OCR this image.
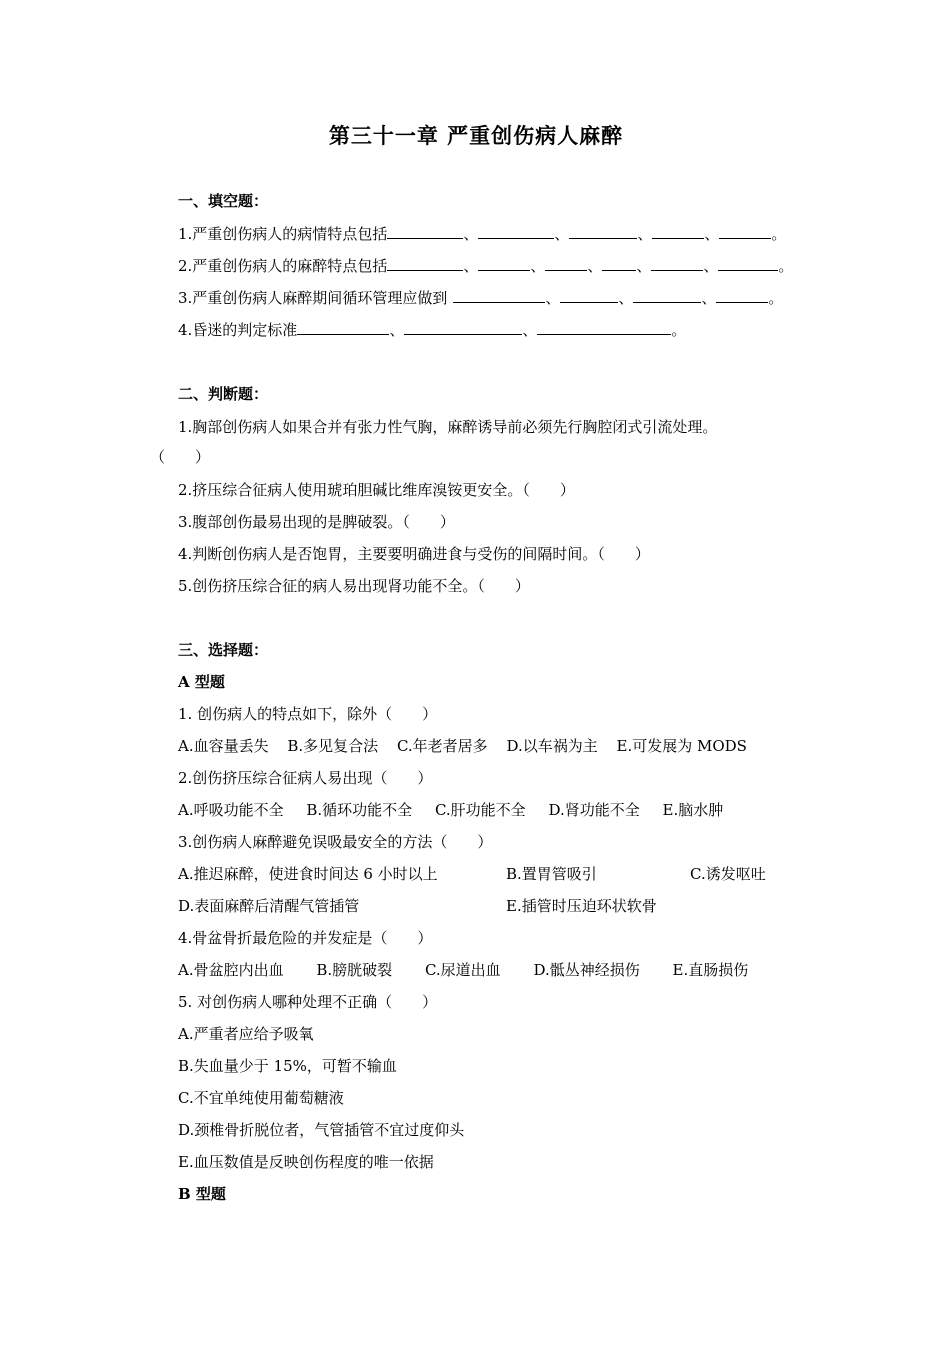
第三十一章 严重创伤病人麻醉
一、填空题：
1.严重创伤病人的病情特点包括	、	、	、	、	。
2.严重创伤病人的麻醉特点包括	、	、	、 、	、	。
3.严重创伤病人麻醉期间循环管理应做到	、	、	、	。
4.昏迷的判定标准	、	、	。
二、判断题：
1.胸部创伤病人如果合并有张力性气胸，麻醉诱导前必须先行胸腔闭式引流处理。
（　　）
2.挤压综合征病人使用琥珀胆碱比维库溴铵更安全。（　　）
3.腹部创伤最易出现的是脾破裂。（　　）
4.判断创伤病人是否饱胃，主要要明确进食与受伤的间隔时间。（　　）
5.创伤挤压综合征的病人易出现肾功能不全。（　　）
三、选择题：
A 型题
1. 创伤病人的特点如下，除外（　　）
A.血容量丢失 B.多见复合法 C.年老者居多 D.以车祸为主 E.可发展为 MODS
2.创伤挤压综合征病人易出现（　　）
A.呼吸功能不全 B.循环功能不全 C.肝功能不全 D.肾功能不全 E.脑水肿
3.创伤病人麻醉避免误吸最安全的方法（　　）
A.推迟麻醉，使进食时间达 6 小时以上	B.置胃管吸引	C.诱发呕吐
D.表面麻醉后清醒气管插管	E.插管时压迫环状软骨
4.骨盆骨折最危险的并发症是（　　）
A.骨盆腔内出血 B.膀胱破裂 C.尿道出血 D.骶丛神经损伤 E.直肠损伤
5. 对创伤病人哪种处理不正确（　　）
A.严重者应给予吸氧
B.失血量少于 15%，可暂不输血
C.不宜单纯使用葡萄糖液
D.颈椎骨折脱位者，气管插管不宜过度仰头
E.血压数值是反映创伤程度的唯一依据
B 型题
